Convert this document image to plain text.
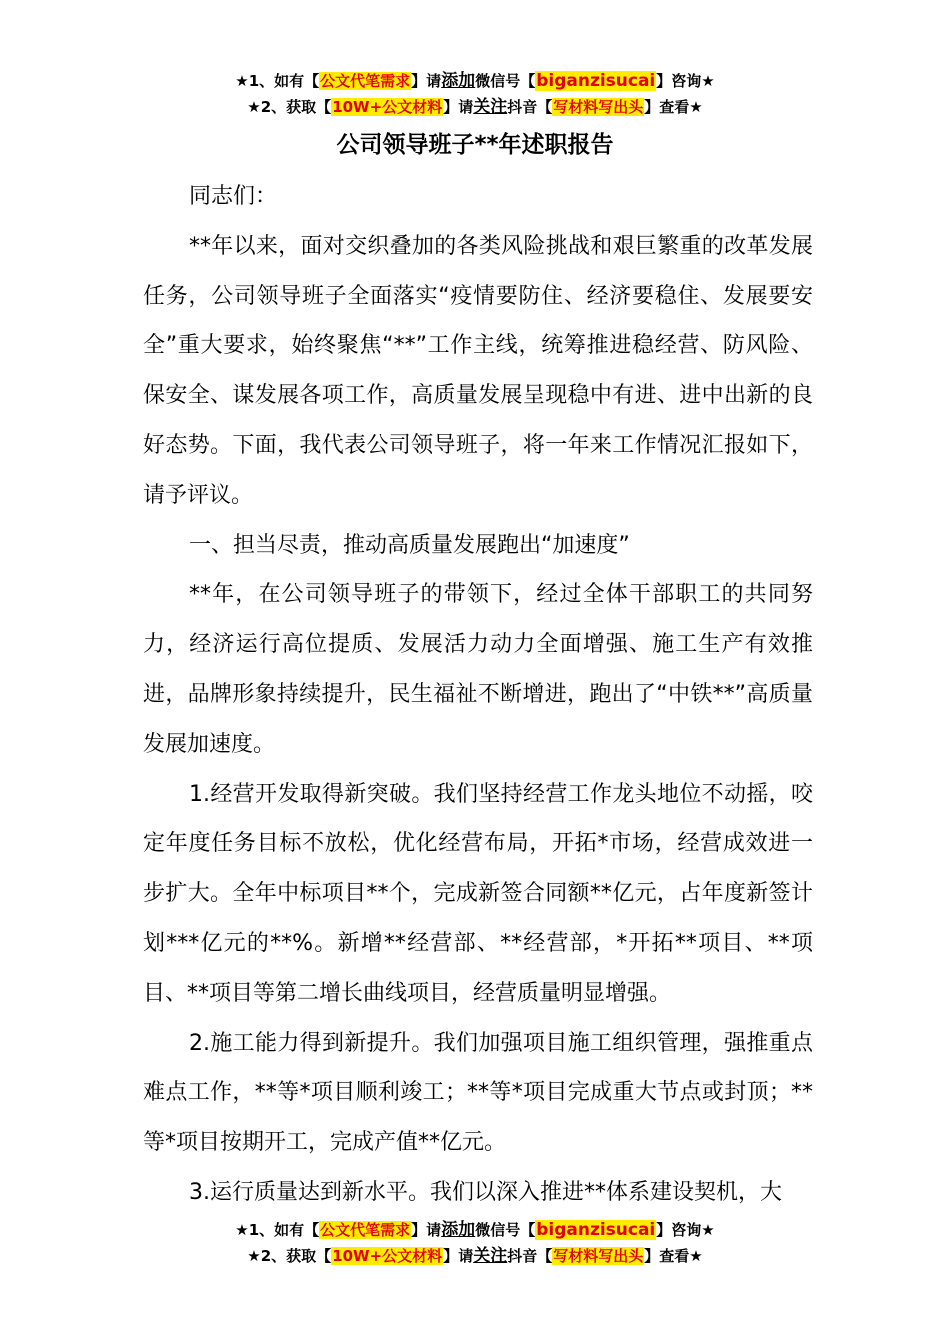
★1、如有【公文代笔需求】请添加微信号【biganzisucai】咨询★
★2、获取【10W+公文材料】请关注抖音【写材料写出头】查看★
公司领导班子**年述职报告

同志们：

**年以来，面对交织叠加的各类风险挑战和艰巨繁重的改革发展任务，公司领导班子全面落实“疫情要防住、经济要稳住、发展要安全”重大要求，始终聚焦“**”工作主线，统筹推进稳经营、防风险、保安全、谋发展各项工作，高质量发展呈现稳中有进、进中出新的良好态势。下面，我代表公司领导班子，将一年来工作情况汇报如下，请予评议。

一、担当尽责，推动高质量发展跑出“加速度”

**年，在公司领导班子的带领下，经过全体干部职工的共同努力，经济运行高位提质、发展活力动力全面增强、施工生产有效推进，品牌形象持续提升，民生福祉不断增进，跑出了“中铁**”高质量发展加速度。

1.经营开发取得新突破。我们坚持经营工作龙头地位不动摇，咬定年度任务目标不放松，优化经营布局，开拓*市场，经营成效进一步扩大。全年中标项目**个，完成新签合同额**亿元，占年度新签计划***亿元的**%。新增**经营部、**经营部，*开拓**项目、**项目、**项目等第二增长曲线项目，经营质量明显增强。

2.施工能力得到新提升。我们加强项目施工组织管理，强推重点难点工作，**等*项目顺利竣工；**等*项目完成重大节点或封顶；**等*项目按期开工，完成产值**亿元。

3.运行质量达到新水平。我们以深入推进**体系建设契机，大

★1、如有【公文代笔需求】请添加微信号【biganzisucai】咨询★
★2、获取【10W+公文材料】请关注抖音【写材料写出头】查看★
